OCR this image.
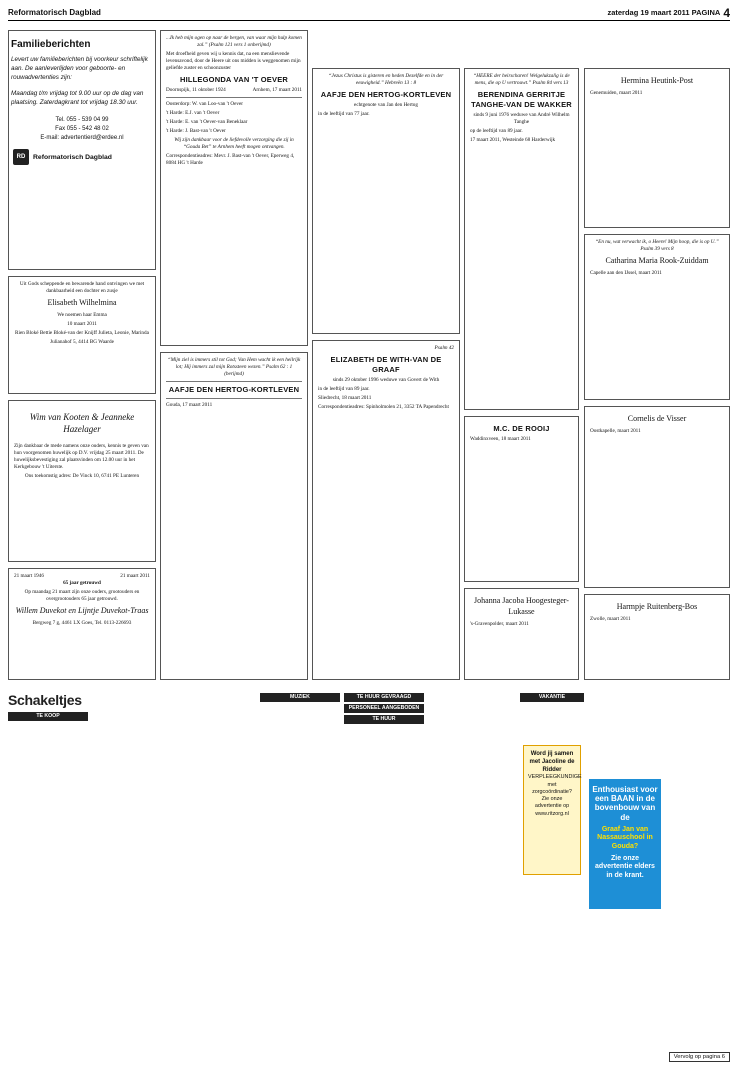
Reformatorisch Dagblad	zaterdag 19 maart 2011 PAGINA 4
Familieberichten
Levert uw familieberichten bij voorkeur schriftelijk aan. De aanleverlijden voor geboorte- en rouwadvertenties zijn:
Maandag t/m vrijdag tot 9.00 uur op de dag van plaatsing. Zaterdagkrant tot vrijdag 18.30 uur.
Tel. 055 - 539 04 99
Fax 055 - 542 48 02
E-mail: advertentierd@erdee.nl
RD	Reformatorisch Dagblad

Uit Gods scheppende en bewarende hand ontvingen we met dankbaarheid een dochter en zusje

Elisabeth Wilhelmina

We noemen haar Emma

10 maart 2011

Rien Bloké Bettie Bloké-van der Knijff Julieta, Leonie, Marinda

Julianahof 5, 4414 BG Waarde

Wim van Kooten & Jeanneke Hazelager

Zijn dankbaar de mede namens onze ouders, kennis te geven van hun voorgenomen huwelijk op D.V. vrijdag 25 maart 2011. De huwelijksbevestiging zal plaatsvinden om 12.00 uur in het Kerkgebouw 't Uiterste.

Ons toekomstig adres: De Vinck 10, 6741 PE Lunteren

21 maart 1946	21 maart 2011

65 jaar getrouwd

Op maandag 21 maart zijn onze ouders, grootouders en overgrootouders 65 jaar getrouwd.

Willem Duvekot en Lijntje Duvekot-Traas

Bergweg 7 g, 4461 LX Goes, Tel. 0113-226693

...Ik heb mijn ogen op naar de bergen, van waar mijn hulp komen zal.” (Psalm 121 vers 1 onberijmd)

Met droefheid geven wij u kennis dat, na een menslievende levensavond, door de Heere uit ons midden is weggenomen mijn geliefde zuster en schoonzuster

HILLEGONDA VAN 'T OEVER
Doornspijk, 11 oktober 1924	Arnhem, 17 maart 2011

Oosterdorp: W. van Loo-van 't Oever

't Harde: E.J. van 't Oever

't Harde: E. van 't Oever-van Beneklaar

't Harde: J. Bast-van 't Oever

Wij zijn dankbaar voor de liefdevolle verzorging die zij in “Gouda Bet” te Arnhem heeft mogen ontvangen.

Correspondentieadres: Mevr. J. Bast-van 't Oever, Eperweg 4, 8084 HG 't Harde

“Mijn ziel is immers stil tot God; Van Hem wacht ik een heilrijk lot; Hij immers zal mijn Rotssteen wezen.” Psalm 62 : 1 (berijmd)

AAFJE DEN HERTOG-KORTLEVEN

Gouda, 17 maart 2011

“Jezus Christus is gisteren en heden Dezelfde en in der eeuwigheid.” Hebreën 13 : 8

AAFJE DEN HERTOG-KORTLEVEN

echtgenote van Jan den Hertog

in de leeftijd van 77 jaar.

Psalm 42

ELIZABETH DE WITH-VAN DE GRAAF

sinds 29 oktober 1996 weduwe van Govert de With

in de leeftijd van 89 jaar.

Sliedrecht, 18 maart 2011

Correspondentieadres: Spinholmolen 21, 3352 TA Papendrecht

“HEERE der heirscharen! Welgelukzalig is de mens, die op U vertrouwt.” Psalm 84 vers 13

BERENDINA GERRITJE TANGHE-VAN DE WAKKER

sinds 9 juni 1976 weduwe van André Wilhelm Tanghe

op de leeftijd van 89 jaar.

17 maart 2011, Westeinde 68 Harderwijk

M.C. DE ROOIJ

Waddinxveen, 18 maart 2011

Johanna Jacoba Hoogesteger-Lukasse

's-Gravenpolder, maart 2011

Hermina Heutink-Post

Genemuiden, maart 2011

“En nu, wat verwacht ik, o Heere! Mijn hoop, die is op U.” Psalm 39 vers 8

Catharina Maria Rook-Zuiddam

Capelle aan den IJssel, maart 2011

Cornelis de Visser

Oostkapelle, maart 2011

Harmpje Ruitenberg-Bos

Zwolle, maart 2011

Schakeltjes
TE KOOP
MUZIEK	TE HUUR GEVRAAGD
PERSONEEL AANGEBODEN
TE HUUR
VAKANTIE
Word jij samen met Jacoline de Ridder
VERPLEEGKUNDIGE met zorgcoördinatie? Zie onze advertentie op www.ritzorg.nl
Enthousiast voor een BAAN in de bovenbouw van de
Graaf Jan van Nassauschool in Gouda?
Zie onze advertentie elders in de krant.
Vervolg op pagina 6
